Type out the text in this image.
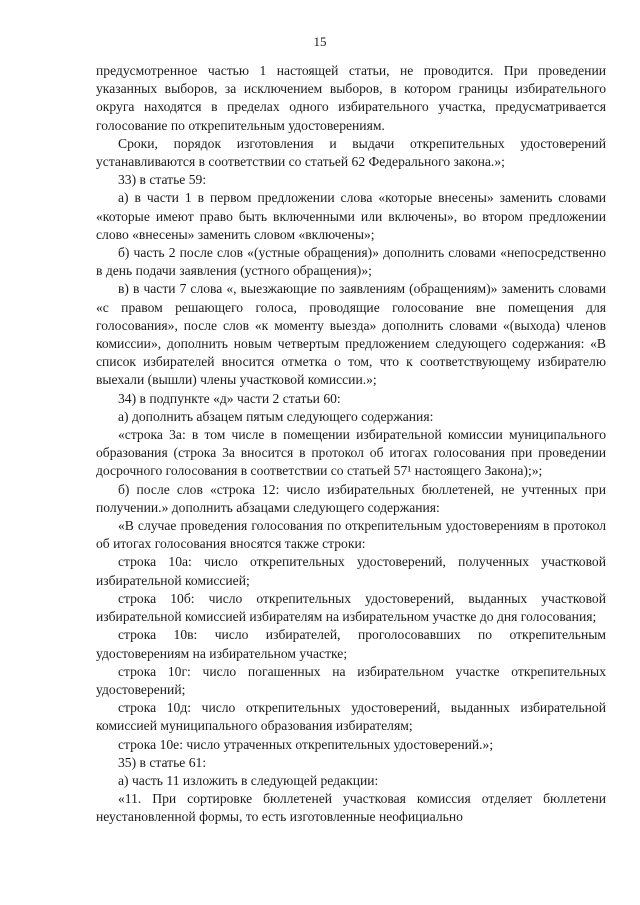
15

предусмотренное частью 1 настоящей статьи, не проводится. При проведении указанных выборов, за исключением выборов, в котором границы избирательного округа находятся в пределах одного избирательного участка, предусматривается голосование по открепительным удостоверениям.

Сроки, порядок изготовления и выдачи открепительных удостоверений устанавливаются в соответствии со статьей 62 Федерального закона.»;

33) в статье 59:

а) в части 1 в первом предложении слова «которые внесены» заменить словами «которые имеют право быть включенными или включены», во втором предложении слово «внесены» заменить словом «включены»;

б) часть 2 после слов «(устные обращения)» дополнить словами «непосредственно в день подачи заявления (устного обращения)»;

в) в части 7 слова «, выезжающие по заявлениям (обращениям)» заменить словами «с правом решающего голоса, проводящие голосование вне помещения для голосования», после слов «к моменту выезда» дополнить словами «(выхода) членов комиссии», дополнить новым четвертым предложением следующего содержания: «В список избирателей вносится отметка о том, что к соответствующему избирателю выехали (вышли) члены участковой комиссии.»;

34) в подпункте «д» части 2 статьи 60:

а) дополнить абзацем пятым следующего содержания:

«строка 3а: в том числе в помещении избирательной комиссии муниципального образования (строка 3а вносится в протокол об итогах голосования при проведении досрочного голосования в соответствии со статьей 57¹ настоящего Закона);»;

б) после слов «строка 12: число избирательных бюллетеней, не учтенных при получении.» дополнить абзацами следующего содержания:

«В случае проведения голосования по открепительным удостоверениям в протокол об итогах голосования вносятся также строки:

строка 10а: число открепительных удостоверений, полученных участковой избирательной комиссией;

строка 10б: число открепительных удостоверений, выданных участковой избирательной комиссией избирателям на избирательном участке до дня голосования;

строка 10в: число избирателей, проголосовавших по открепительным удостоверениям на избирательном участке;

строка 10г: число погашенных на избирательном участке открепительных удостоверений;

строка 10д: число открепительных удостоверений, выданных избирательной комиссией муниципального образования избирателям;

строка 10е: число утраченных открепительных удостоверений.»;

35) в статье 61:

а) часть 11 изложить в следующей редакции:

«11. При сортировке бюллетеней участковая комиссия отделяет бюллетени неустановленной формы, то есть изготовленные неофициально
